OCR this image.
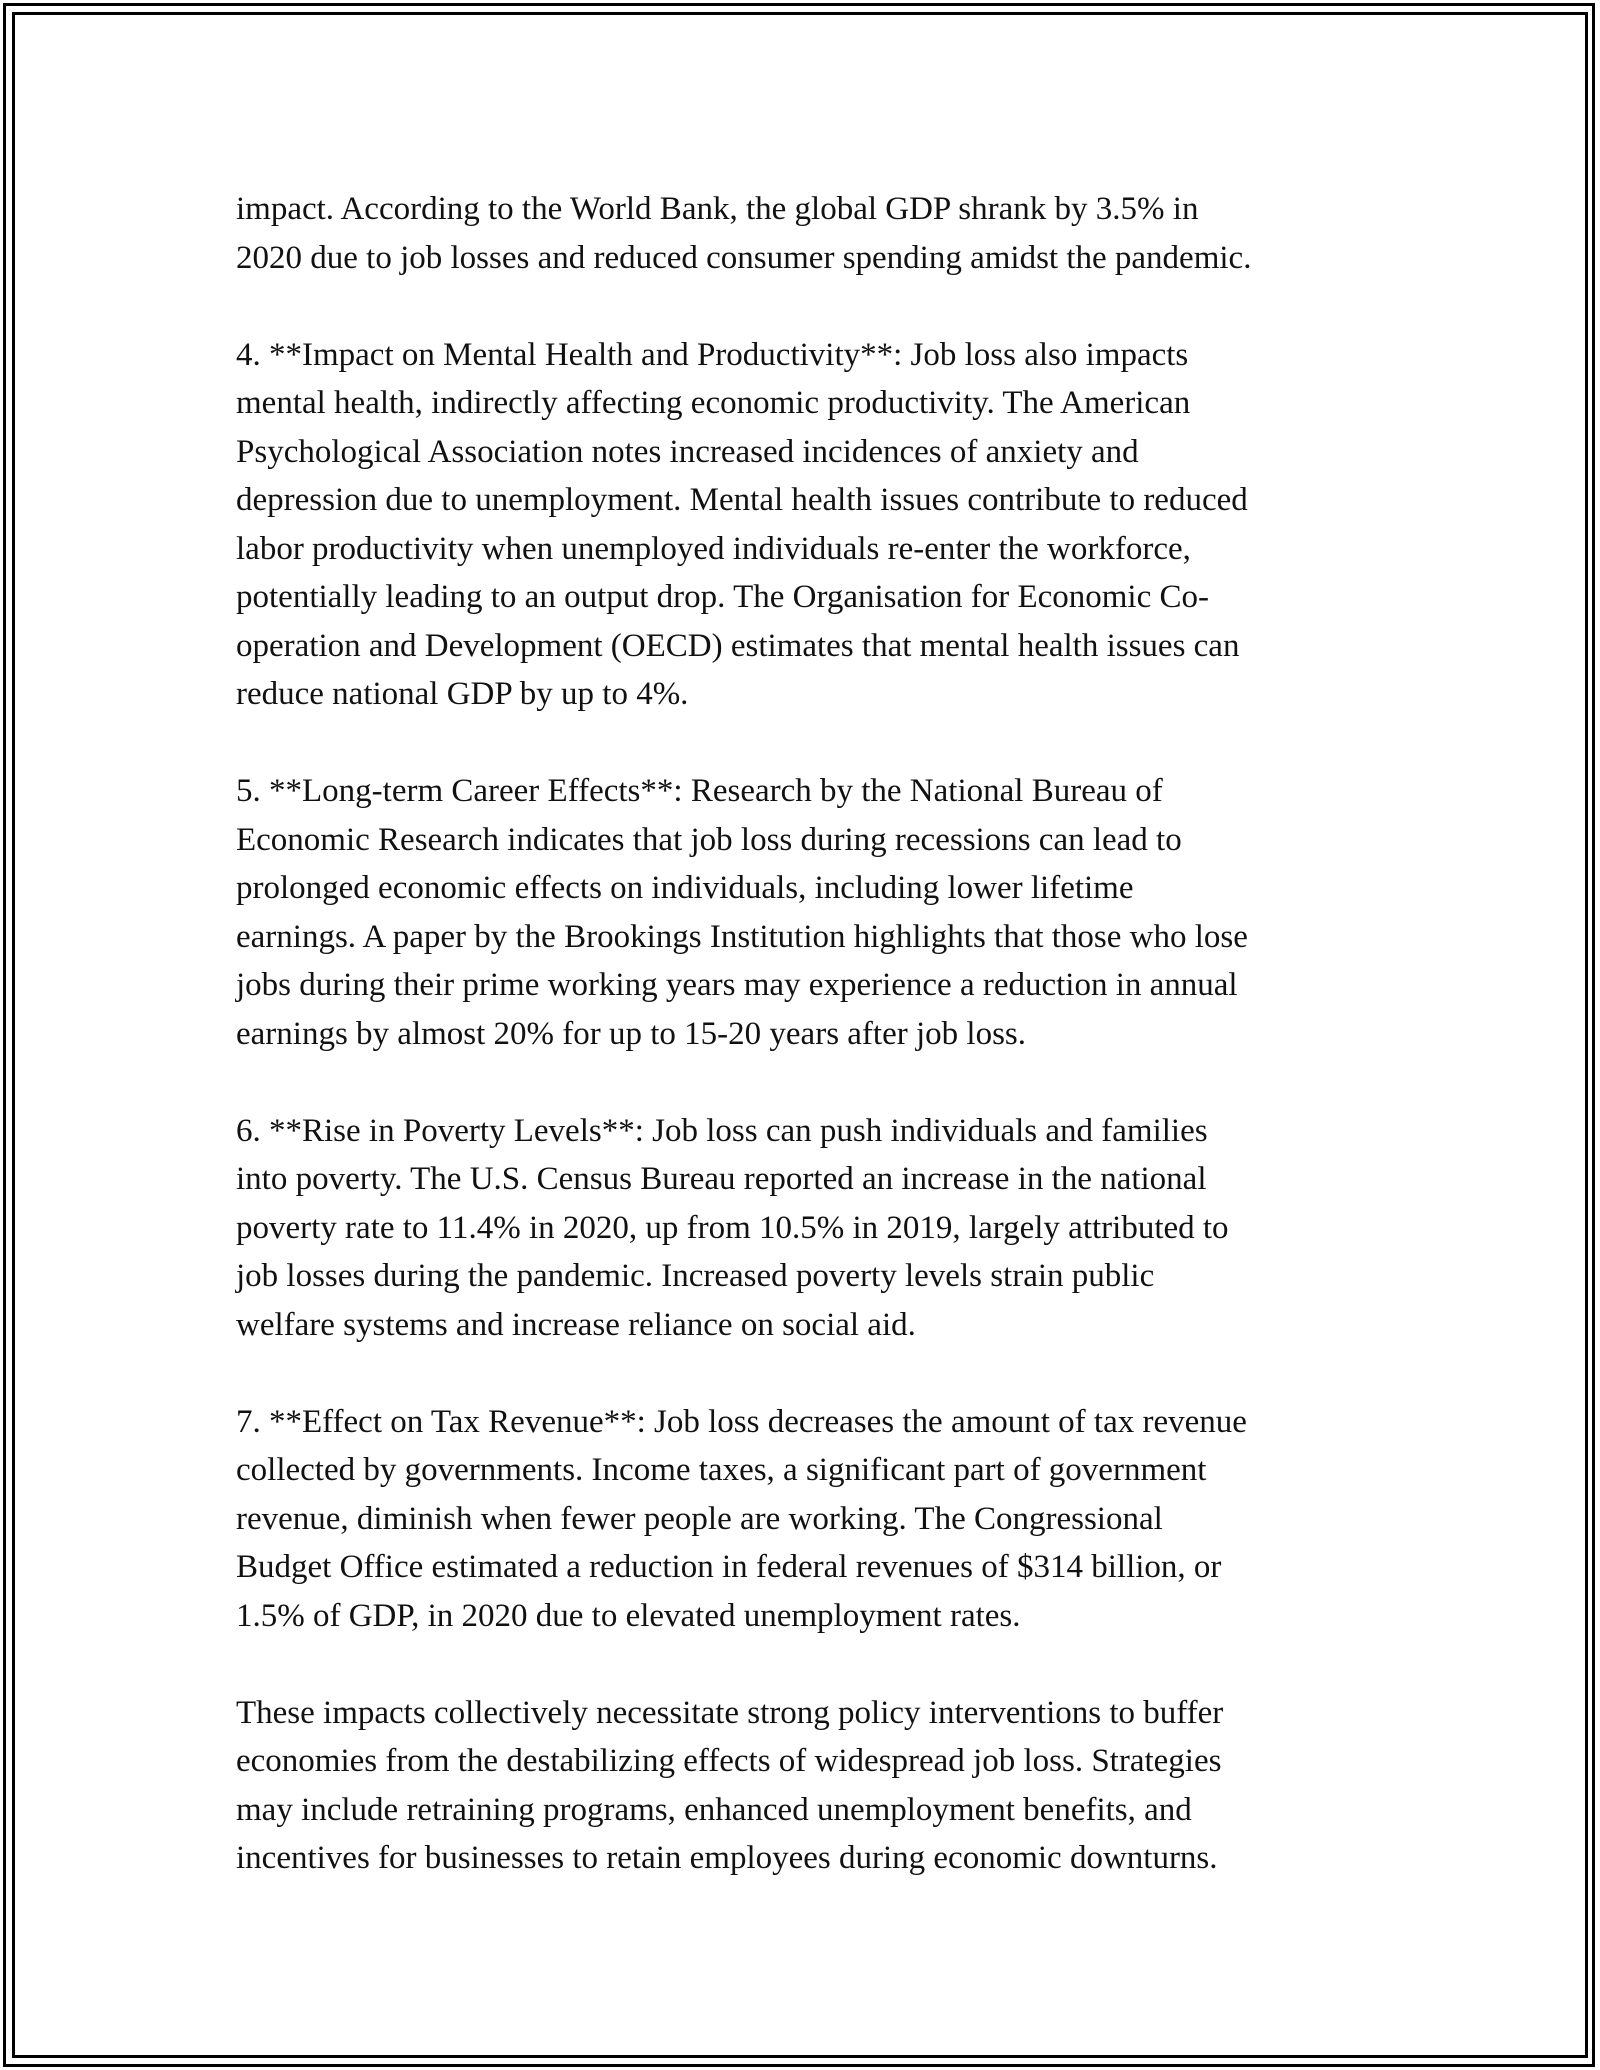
impact. According to the World Bank, the global GDP shrank by 3.5% in
2020 due to job losses and reduced consumer spending amidst the pandemic.

4. **Impact on Mental Health and Productivity**: Job loss also impacts
mental health, indirectly affecting economic productivity. The American
Psychological Association notes increased incidences of anxiety and
depression due to unemployment. Mental health issues contribute to reduced
labor productivity when unemployed individuals re-enter the workforce,
potentially leading to an output drop. The Organisation for Economic Co-
operation and Development (OECD) estimates that mental health issues can
reduce national GDP by up to 4%.

5. **Long-term Career Effects**: Research by the National Bureau of
Economic Research indicates that job loss during recessions can lead to
prolonged economic effects on individuals, including lower lifetime
earnings. A paper by the Brookings Institution highlights that those who lose
jobs during their prime working years may experience a reduction in annual
earnings by almost 20% for up to 15-20 years after job loss.

6. **Rise in Poverty Levels**: Job loss can push individuals and families
into poverty. The U.S. Census Bureau reported an increase in the national
poverty rate to 11.4% in 2020, up from 10.5% in 2019, largely attributed to
job losses during the pandemic. Increased poverty levels strain public
welfare systems and increase reliance on social aid.

7. **Effect on Tax Revenue**: Job loss decreases the amount of tax revenue
collected by governments. Income taxes, a significant part of government
revenue, diminish when fewer people are working. The Congressional
Budget Office estimated a reduction in federal revenues of $314 billion, or
1.5% of GDP, in 2020 due to elevated unemployment rates.

These impacts collectively necessitate strong policy interventions to buffer
economies from the destabilizing effects of widespread job loss. Strategies
may include retraining programs, enhanced unemployment benefits, and
incentives for businesses to retain employees during economic downturns.
